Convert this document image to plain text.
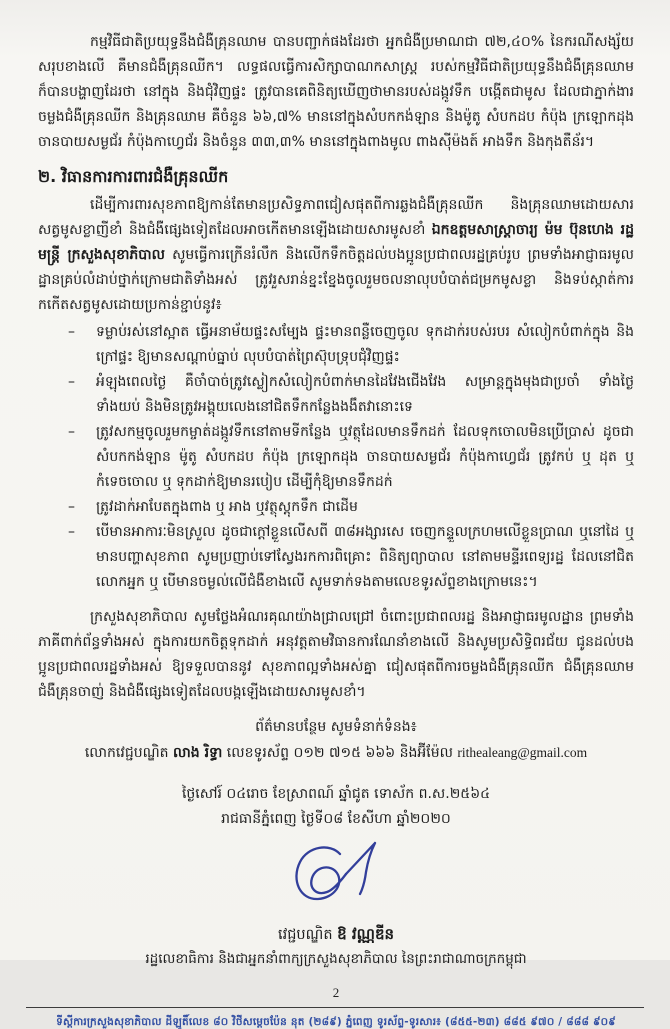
កម្មវិធីជាតិប្រយុទ្ធនឹងជំងឺគ្រុនឈាម បានបញ្ជាក់ផងដែរថា អ្នកជំងឺប្រមាណជា ៧២,៤០% នៃករណីសង្ស័យសរុបខាងលើ គឺមានជំងឺគ្រុនឈីក។ លទ្ធផលធ្វើការសិក្សាបាណកសាស្ត្រ របស់កម្មវិធីជាតិប្រយុទ្ធនឹងជំងឺគ្រុនឈាម ក៏បានបង្ហាញដែរថា នៅក្នុង និងជុំវិញផ្ទះ ត្រូវបានគេពិនិត្យឃើញថាមានរបស់ដង្កូវទឹក បង្កើតជាមូស ដែលជាភ្នាក់ងារចម្លងជំងឺគ្រុនឈីក និងគ្រុនឈាម គឺចំនួន ៦៦,៧% មាននៅក្នុងសំបកកង់ឡាន និងម៉ូតូ សំបកដប កំប៉ុង ក្រឡោកដុង ចានបាយសម្ងជ័រ កំប៉ុងកាហ្វេជ័រ និងចំនួន ៣៣,៣% មាននៅក្នុងពាងមូល ពាងស៊ីម៉ងត៍ អាងទឹក និងកុងតឺន័រ។

២. វិធានការការពារជំងឺគ្រុនឈីក

ដើម្បីការពារសុខភាពឱ្យកាន់តែមានប្រសិទ្ធភាពជៀសផុតពីការឆ្លងជំងឺគ្រុនឈីក និងគ្រុនឈាមដោយសារសត្វមូសខ្លាញីខាំ និងជំងឺផ្សេងទៀតដែលអាចកើតមានឡើងដោយសារមូសខាំ ឯកឧត្តមសាស្ត្រាចារ្យ ម៉ម ប៊ុនហេង រដ្ឋមន្ត្រី ក្រសួងសុខាភិបាល សូមធ្វើការក្រើនរំលឹក និងលើកទឹកចិត្តដល់បងប្អូនប្រជាពលរដ្ឋគ្រប់រូប ព្រមទាំងអាជ្ញាធរមូលដ្ឋានគ្រប់លំដាប់ថ្នាក់ក្រោមជាតិទាំងអស់ ត្រូវរួសរាន់ខ្នះខ្នែងចូលរួមចលនាលុបបំបាត់ជម្រកមូសខ្លា និងទប់ស្កាត់ការកកើតសត្វមូសដោយប្រកាន់ខ្ជាប់នូវ៖

– ទម្លាប់រស់នៅស្អាត ធ្វើអនាម័យផ្ទះសម្បែង ផ្ទះមានពន្លឺចេញចូល ទុកដាក់របស់របរ សំលៀកបំពាក់ក្នុង និងក្រៅផ្ទះ ឱ្យមានសណ្តាប់ធ្នាប់ លុបបំបាត់ព្រៃស៊ុបទ្រុបជុំវិញផ្ទះ
– អំឡុងពេលថ្ងៃ គឺចាំបាច់ត្រូវស្លៀកសំលៀកបំពាក់មានដៃវែងជើងវែង សម្រាន្តក្នុងមុងជាប្រចាំ ទាំងថ្ងៃទាំងយប់ និងមិនត្រូវអង្គុយលេងនៅជិតទឹកកន្លែងងងឹតវានោះទេ
– ត្រូវសកម្មចូលរួមកម្ចាត់ដង្កូវទឹកនៅតាមទីកន្លែង ឬវត្ថុដែលមានទឹកដក់ ដែលទុកចោលមិនប្រើប្រាស់ ដូចជាសំបកកង់ឡាន ម៉ូតូ សំបកដប កំប៉ុង ក្រឡោកដុង ចានបាយសម្ងជ័រ កំប៉ុងកាហ្វេជ័រ ត្រូវកប់ ឬ ដុត ឬ កំទេចចោល ឬ ទុកដាក់ឱ្យមានរបៀប ដើម្បីកុំឱ្យមានទឹកដក់
– ត្រូវដាក់អាបែតក្នុងពាង ឬ អាង ឬវត្ថុស្តុកទឹក ជាដើម
– បើមានអាការៈមិនស្រួល ដូចជាក្តៅខ្លួនលើសពី ៣៨អង្សារសេ ចេញកន្ទួលក្រហមលើខ្លួនប្រាណ ឬនៅដៃ ឬមានបញ្ហាសុខភាព សូមប្រញាប់ទៅស្វែងរកការពិគ្រោះ ពិនិត្យព្យាបាល នៅតាមមន្ទីរពេទ្យរដ្ឋ ដែលនៅជិតលោកអ្នក ឬ បើមានចម្ងល់លើជំងឺខាងលើ សូមទាក់ទងតាមលេខទូរស័ព្ទខាងក្រោមនេះ។

ក្រសួងសុខាភិបាល សូមថ្លែងអំណរគុណយ៉ាងជ្រាលជ្រៅ ចំពោះប្រជាពលរដ្ឋ និងអាជ្ញាធរមូលដ្ឋាន ព្រមទាំងភាគីពាក់ព័ន្ធទាំងអស់ ក្នុងការយកចិត្តទុកដាក់ អនុវត្តតាមវិធានការណែនាំខាងលើ និងសូមប្រសិទ្ធិពរជ័យ ជូនដល់បងប្អូនប្រជាពលរដ្ឋទាំងអស់ ឱ្យទទួលបាននូវ សុខភាពល្អទាំងអស់គ្នា ជៀសផុតពីការចម្លងជំងឺគ្រុនឈីក ជំងឺគ្រុនឈាម ជំងឺគ្រុនចាញ់ និងជំងឺផ្សេងទៀតដែលបង្កឡើងដោយសារមូសខាំ។

ព័ត៌មានបន្ថែម សូមទំនាក់ទំនង៖

លោកវេជ្ជបណ្ឌិត លាង រិទ្ធា លេខទូរស័ព្ទ ០១២ ៧១៥ ៦៦៦ និងអ៊ីម៉ែល rithealeang@gmail.com

ថ្ងៃសៅរ៍ ០៤រោច ខែស្រាពណ៍ ឆ្នាំជូត ទោស័ក ព.ស.២៥៦៤

រាជធានីភ្នំពេញ ថ្ងៃទី០៨ ខែសីហា ឆ្នាំ២០២០

វេជ្ជបណ្ឌិត ឱ វណ្ណឌីន

រដ្ឋលេខាធិការ និងជាអ្នកនាំពាក្យក្រសួងសុខាភិបាល នៃព្រះរាជាណាចក្រកម្ពុជា

2
ទីស្តីការក្រសួងសុខាភិបាល ដីឡូតិ៍លេខ ៨០ វិថីសម្តេចប៉ែន នុត (២៨៩) ភ្នំពេញ ទូរស័ព្ទ-ទូរសារ៖ (៨៥៥-២៣) ៨៨៥ ៩៧០ / ៨៨៨ ៩០៩
